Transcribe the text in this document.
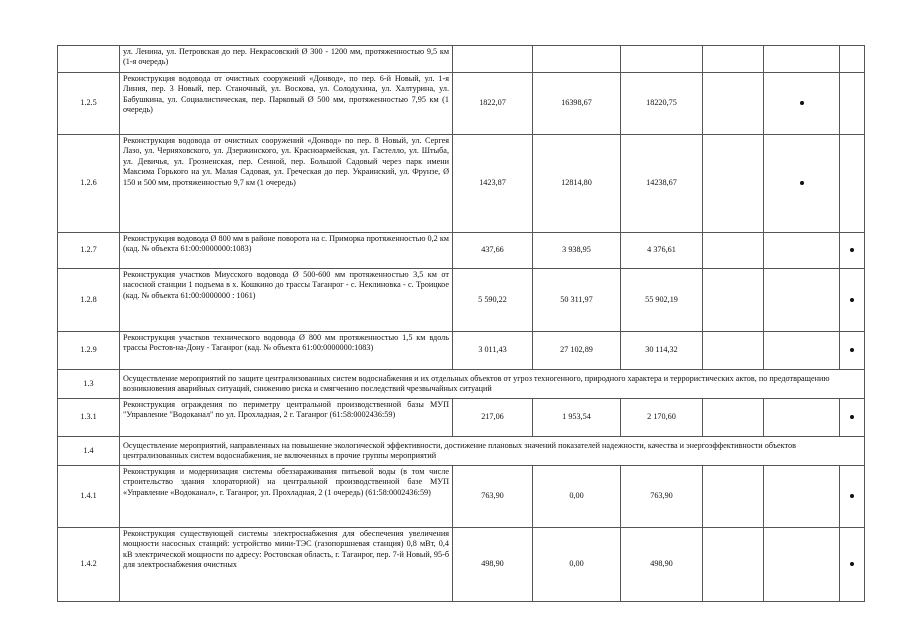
	ул. Ленина, ул. Петровская до пер. Некрасовский Ø 300 - 1200 мм, протяженностью 9,5 км (1-я очередь)						
1.2.5	Реконструкция водовода от очистных сооружений «Донвод», по пер. 6-й Новый, ул. 1-я Линия, пер. 3 Новый, пер. Станочный, ул. Воскова, ул. Солодухина, ул. Халтурина, ул. Бабушкина, ул. Социалистическая, пер. Парковый Ø 500 мм, протяженностью 7,95 км (1 очередь)	1822,07	16398,67	18220,75			
1.2.6	Реконструкция водовода от очистных сооружений «Донвод» по пер. 8 Новый, ул. Сергея Лазо, ул. Черняховского, ул. Дзержинского, ул. Красноармейская, ул. Гастелло, ул. Штыба, ул. Девичья, ул. Грозненская, пер. Сенной, пер. Большой Садовый через парк имени Максима Горького на ул. Малая Садовая, ул. Греческая до пер. Украинский, ул. Фрунзе, Ø 150 и 500 мм, протяженностью 9,7 км (1 очередь)	1423,87	12814,80	14238,67			
1.2.7	Реконструкция водовода Ø 800 мм в районе поворота на с. Приморка протяженностью 0,2 км (кад. № объекта 61:00:0000000:1083)	437,66	3 938,95	4 376,61			
1.2.8	Реконструкция участков Миусского водовода Ø 500-600 мм протяженностью 3,5 км от насосной станции 1 подъема в х. Кошкино до трассы Таганрог - с. Неклиновка - с. Троицкое (кад. № объекта 61:00:0000000 : 1061)	5 590,22	50 311,97	55 902,19			
1.2.9	Реконструкция участков технического водовода Ø 800 мм протяженностью 1,5 км вдоль трассы Ростов-на-Дону - Таганрог (кад. № объекта 61:00:0000000:1083)	3 011,43	27 102,89	30 114,32			
1.3	Осуществление мероприятий по защите централизованных систем водоснабжения и их отдельных объектов от угроз техногенного, природного характера и террористических актов, по предотвращению возникновения аварийных ситуаций, снижению риска и смягчению последствий чрезвычайных ситуаций						
1.3.1	Реконструкция ограждения по периметру центральной производственной базы МУП "Управление "Водоканал" по ул. Прохладная, 2 г. Таганрог (61:58:0002436:59)	217,06	1 953,54	2 170,60			
1.4	Осуществление мероприятий, направленных на повышение экологической эффективности, достижение плановых значений показателей надежности, качества и энергоэффективности объектов централизованных систем водоснабжения, не включенных в прочие группы мероприятий						
1.4.1	Реконструкция и модернизация системы обеззараживания питьевой воды (в том числе строительство здания хлораторной) на центральной производственной базе МУП «Управление «Водоканал», г. Таганрог, ул. Прохладная, 2 (1 очередь) (61:58:0002436:59)	763,90	0,00	763,90			
1.4.2	Реконструкция существующей системы электроснабжения для обеспечения увеличения мощности насосных станций: устройство мини-ТЭС (газопоршневая станция) 0,8 мВт, 0,4 кВ электрической мощности по адресу: Ростовская область, г. Таганрог, пер. 7-й Новый, 95-б для электроснабжения очистных	498,90	0,00	498,90			
